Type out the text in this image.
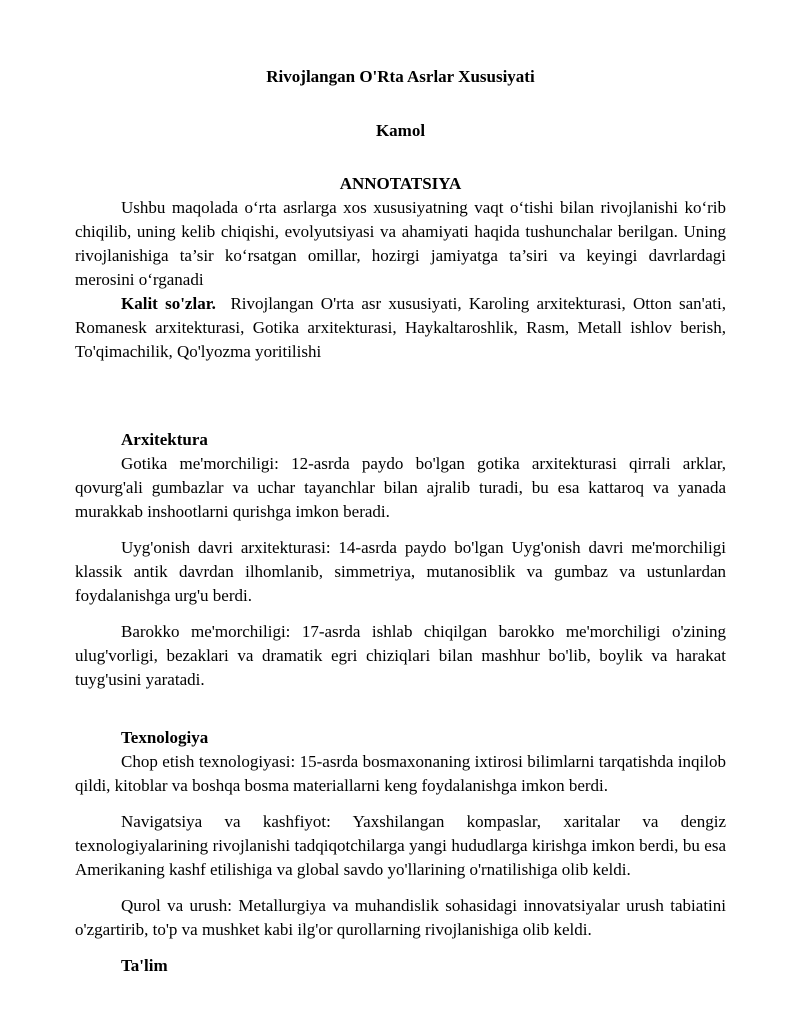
Rivojlangan O'Rta Asrlar Xususiyati

Kamol

ANNOTATSIYA

Ushbu maqolada o‘rta asrlarga xos xususiyatning vaqt o‘tishi bilan rivojlanishi ko‘rib chiqilib, uning kelib chiqishi, evolyutsiyasi va ahamiyati haqida tushunchalar berilgan. Uning rivojlanishiga ta’sir ko‘rsatgan omillar, hozirgi jamiyatga ta’siri va keyingi davrlardagi merosini o‘rganadi

Kalit so'zlar. Rivojlangan O'rta asr xususiyati, Karoling arxitekturasi, Otton san'ati, Romanesk arxitekturasi, Gotika arxitekturasi, Haykaltaroshlik, Rasm, Metall ishlov berish, To'qimachilik, Qo'lyozma yoritilishi

Arxitektura

Gotika me'morchiligi: 12-asrda paydo bo'lgan gotika arxitekturasi qirrali arklar, qovurg'ali gumbazlar va uchar tayanchlar bilan ajralib turadi, bu esa kattaroq va yanada murakkab inshootlarni qurishga imkon beradi.

Uyg'onish davri arxitekturasi: 14-asrda paydo bo'lgan Uyg'onish davri me'morchiligi klassik antik davrdan ilhomlanib, simmetriya, mutanosiblik va gumbaz va ustunlardan foydalanishga urg'u berdi.

Barokko me'morchiligi: 17-asrda ishlab chiqilgan barokko me'morchiligi o'zining ulug'vorligi, bezaklari va dramatik egri chiziqlari bilan mashhur bo'lib, boylik va harakat tuyg'usini yaratadi.

Texnologiya

Chop etish texnologiyasi: 15-asrda bosmaxonaning ixtirosi bilimlarni tarqatishda inqilob qildi, kitoblar va boshqa bosma materiallarni keng foydalanishga imkon berdi.

Navigatsiya va kashfiyot: Yaxshilangan kompaslar, xaritalar va dengiz texnologiyalarining rivojlanishi tadqiqotchilarga yangi hududlarga kirishga imkon berdi, bu esa Amerikaning kashf etilishiga va global savdo yo'llarining o'rnatilishiga olib keldi.

Qurol va urush: Metallurgiya va muhandislik sohasidagi innovatsiyalar urush tabiatini o'zgartirib, to'p va mushket kabi ilg'or qurollarning rivojlanishiga olib keldi.

Ta'lim
